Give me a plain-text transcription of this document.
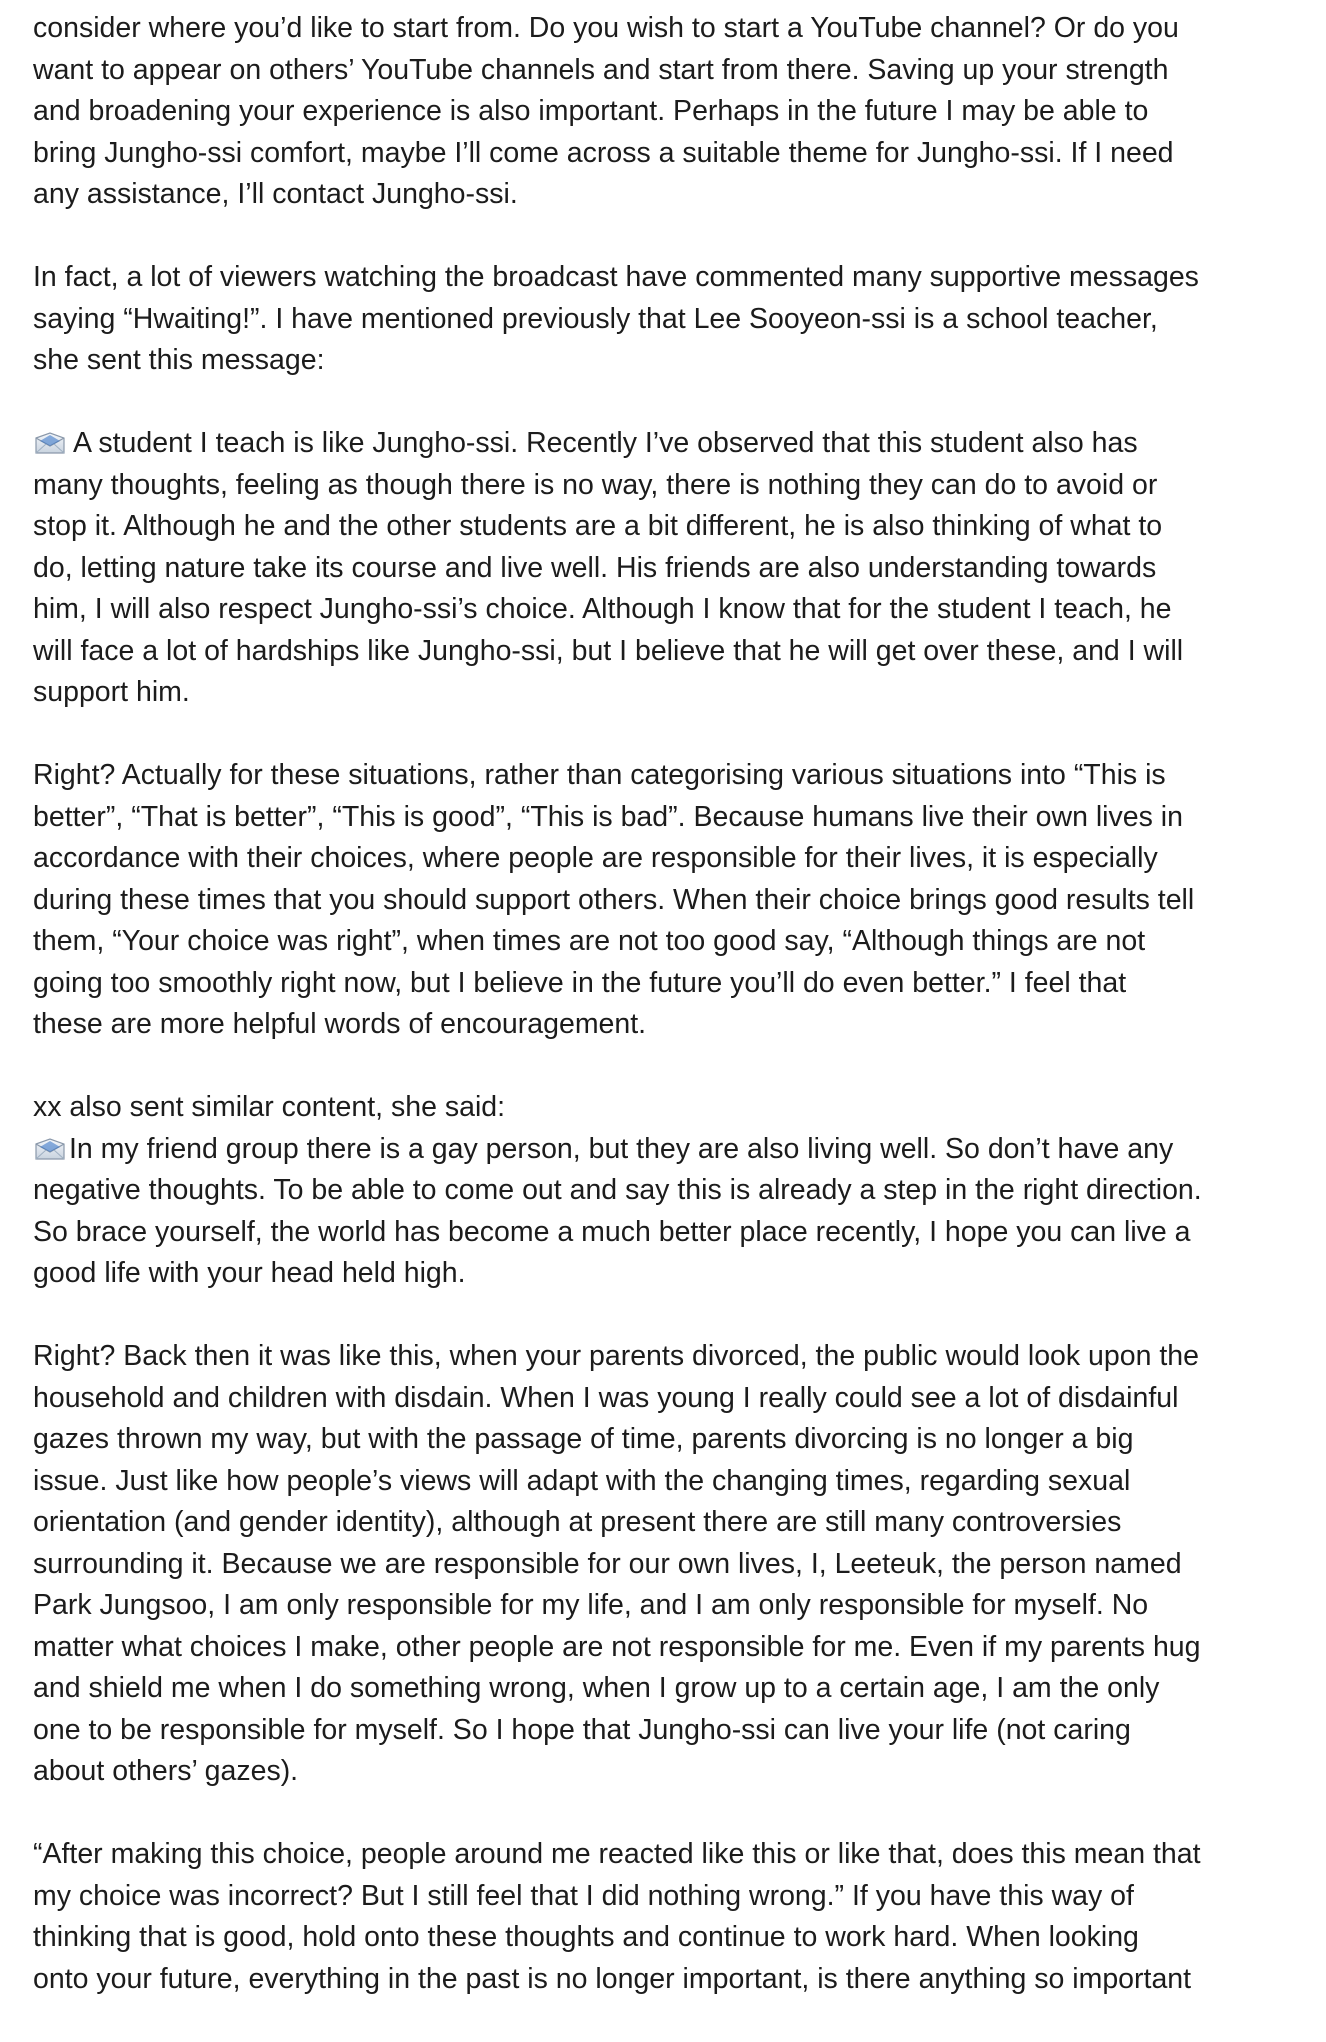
consider where you’d like to start from. Do you wish to start a YouTube channel? Or do you
want to appear on others’ YouTube channels and start from there. Saving up your strength
and broadening your experience is also important. Perhaps in the future I may be able to
bring Jungho-ssi comfort, maybe I’ll come across a suitable theme for Jungho-ssi. If I need
any assistance, I’ll contact Jungho-ssi.
In fact, a lot of viewers watching the broadcast have commented many supportive messages
saying “Hwaiting!”. I have mentioned previously that Lee Sooyeon-ssi is a school teacher,
she sent this message:
A student I teach is like Jungho-ssi. Recently I’ve observed that this student also has
many thoughts, feeling as though there is no way, there is nothing they can do to avoid or
stop it. Although he and the other students are a bit different, he is also thinking of what to
do, letting nature take its course and live well. His friends are also understanding towards
him, I will also respect Jungho-ssi’s choice. Although I know that for the student I teach, he
will face a lot of hardships like Jungho-ssi, but I believe that he will get over these, and I will
support him.
Right? Actually for these situations, rather than categorising various situations into “This is
better”, “That is better”, “This is good”, “This is bad”. Because humans live their own lives in
accordance with their choices, where people are responsible for their lives, it is especially
during these times that you should support others. When their choice brings good results tell
them, “Your choice was right”, when times are not too good say, “Although things are not
going too smoothly right now, but I believe in the future you’ll do even better.” I feel that
these are more helpful words of encouragement.
xx also sent similar content, she said:
In my friend group there is a gay person, but they are also living well. So don’t have any
negative thoughts. To be able to come out and say this is already a step in the right direction.
So brace yourself, the world has become a much better place recently, I hope you can live a
good life with your head held high.
Right? Back then it was like this, when your parents divorced, the public would look upon the
household and children with disdain. When I was young I really could see a lot of disdainful
gazes thrown my way, but with the passage of time, parents divorcing is no longer a big
issue. Just like how people’s views will adapt with the changing times, regarding sexual
orientation (and gender identity), although at present there are still many controversies
surrounding it. Because we are responsible for our own lives, I, Leeteuk, the person named
Park Jungsoo, I am only responsible for my life, and I am only responsible for myself. No
matter what choices I make, other people are not responsible for me. Even if my parents hug
and shield me when I do something wrong, when I grow up to a certain age, I am the only
one to be responsible for myself. So I hope that Jungho-ssi can live your life (not caring
about others’ gazes).
“After making this choice, people around me reacted like this or like that, does this mean that
my choice was incorrect? But I still feel that I did nothing wrong.” If you have this way of
thinking that is good, hold onto these thoughts and continue to work hard. When looking
onto your future, everything in the past is no longer important, is there anything so important
